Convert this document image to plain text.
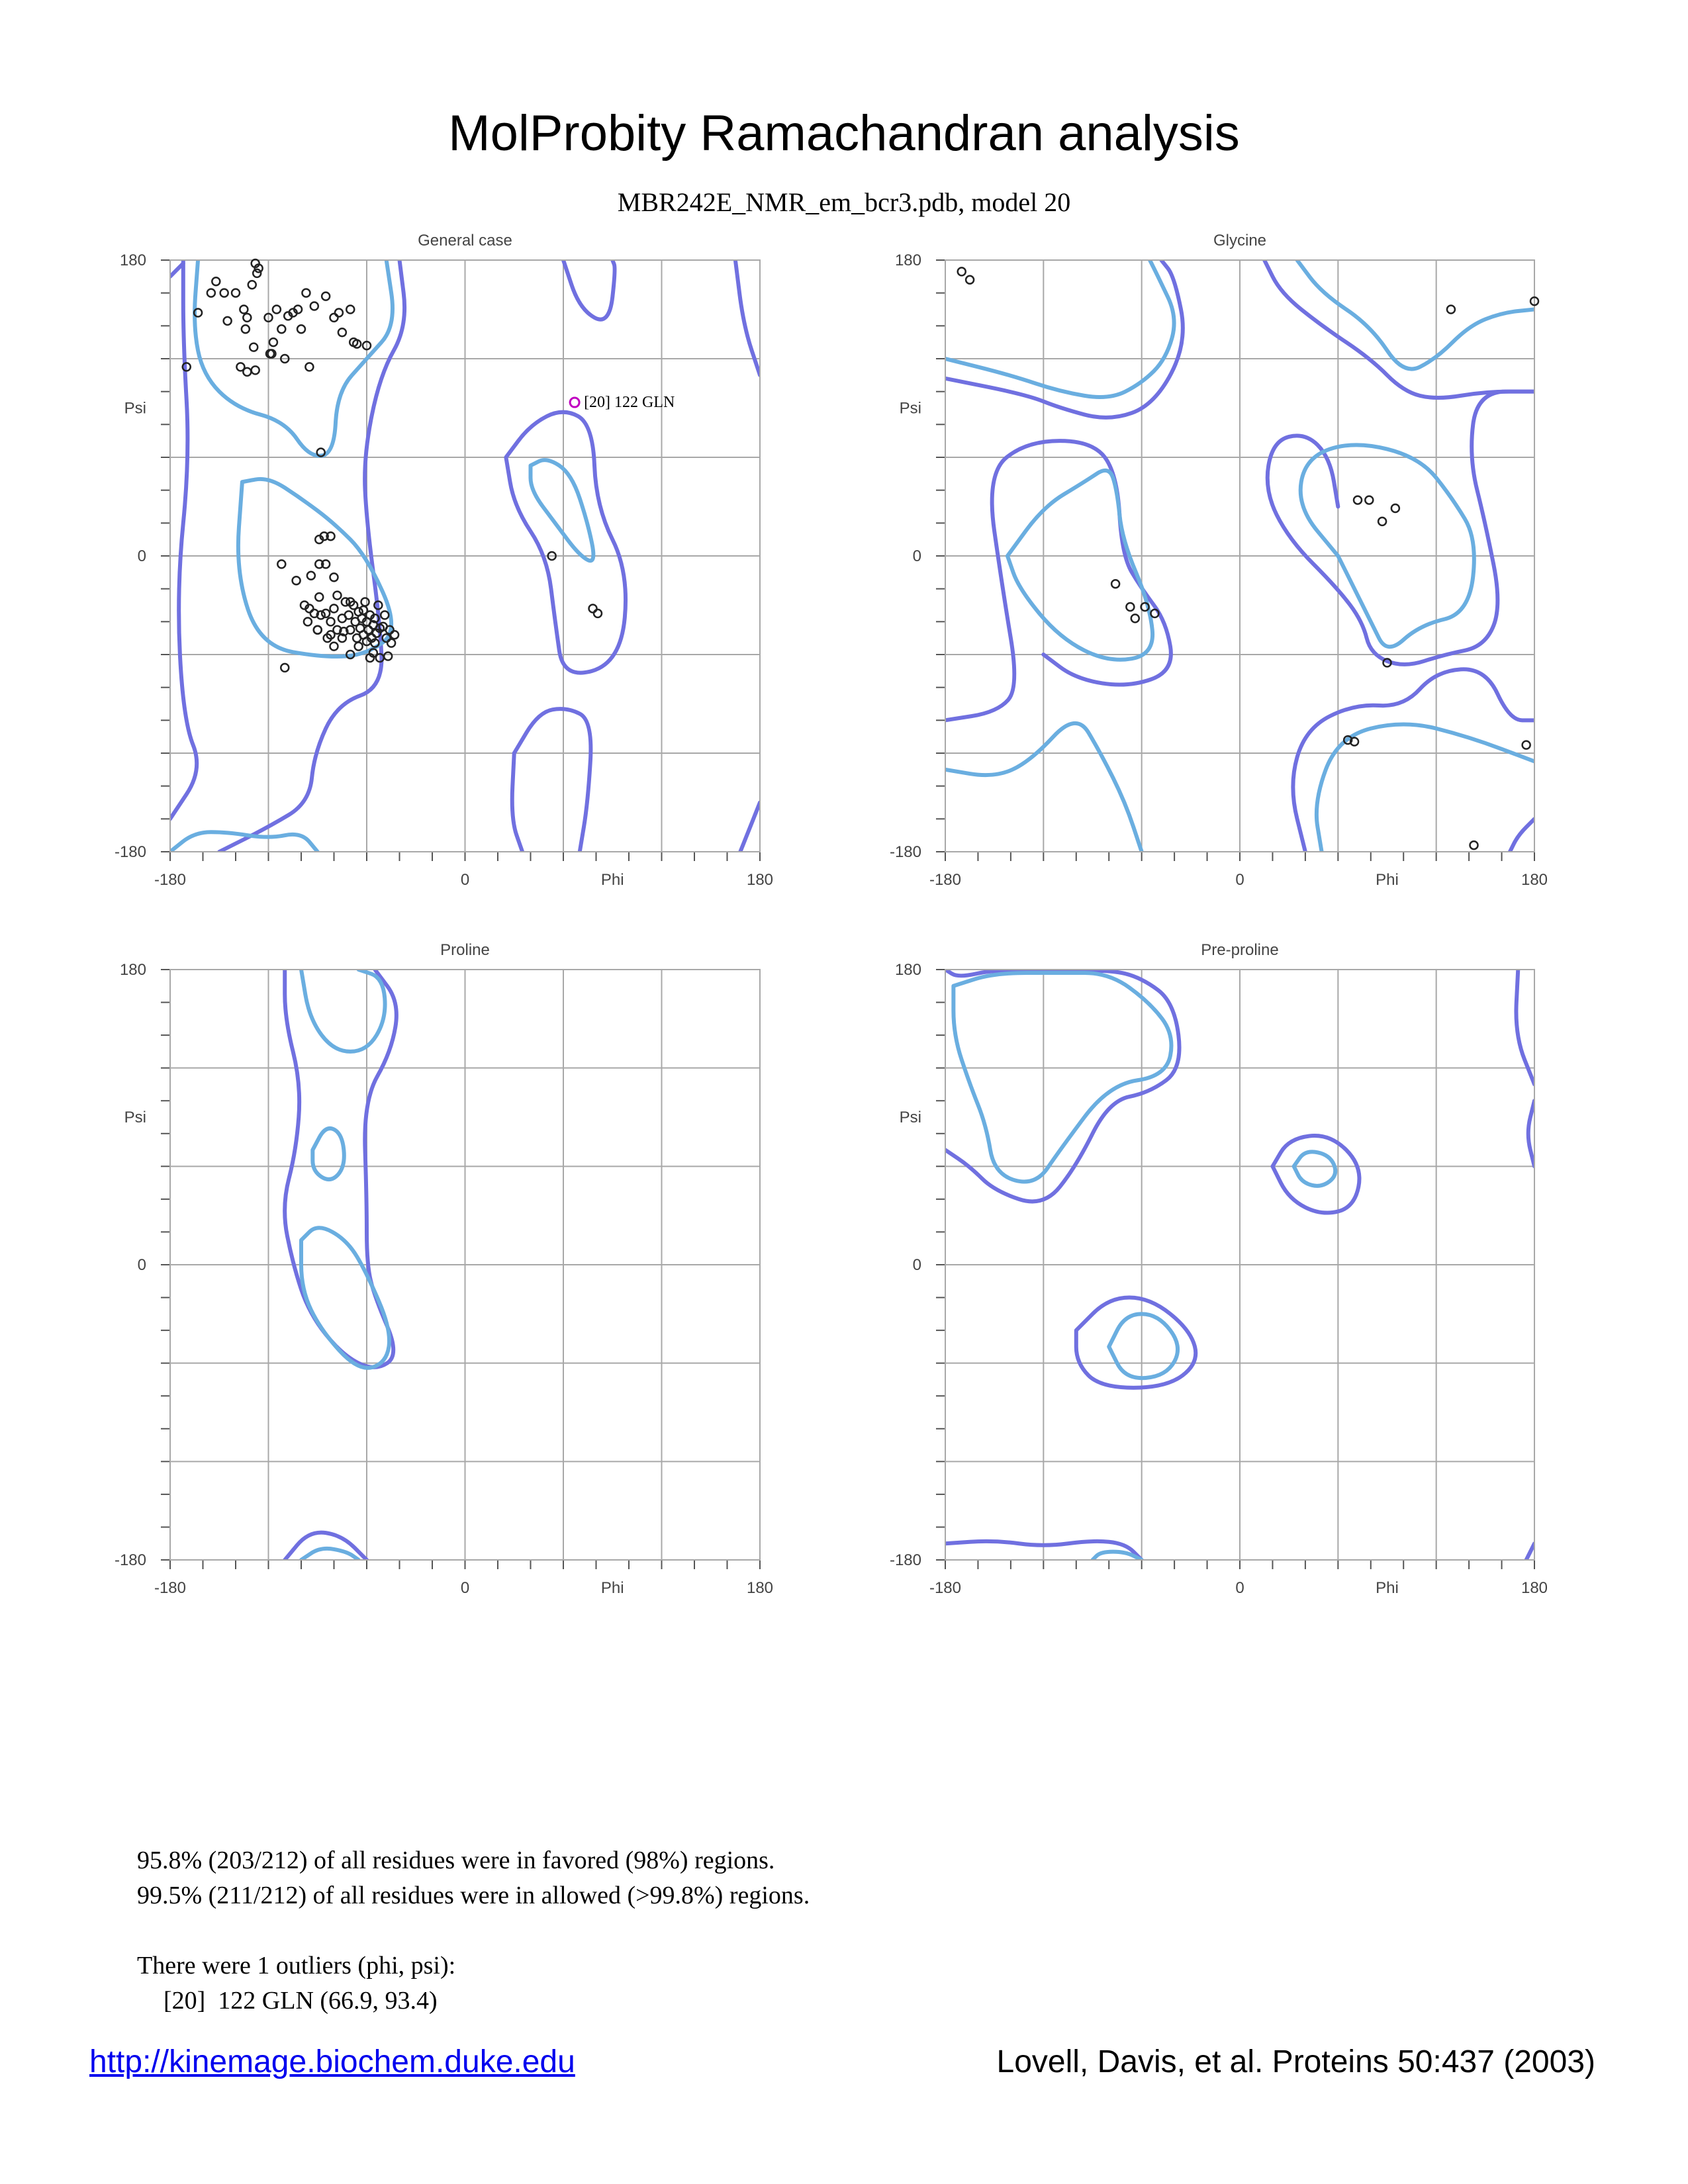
MolProbity Ramachandran analysis
MBR242E_NMR_em_bcr3.pdb, model 20
General case
-180	0	180
180
0
-180
Phi
Psi	[20] 122 GLN
Glycine
-180	0	180
180
0
-180
Phi
Psi
Proline
-180	0	180
180
0
-180
Phi
Psi
Pre-proline
-180	0	180
180
0
-180
Phi
Psi
95.8% (203/212) of all residues were in favored (98%) regions.
99.5% (211/212) of all residues were in allowed (>99.8%) regions.
There were 1 outliers (phi, psi):
[20]  122 GLN (66.9, 93.4)
http://kinemage.biochem.duke.edu	Lovell, Davis, et al. Proteins 50:437 (2003)
